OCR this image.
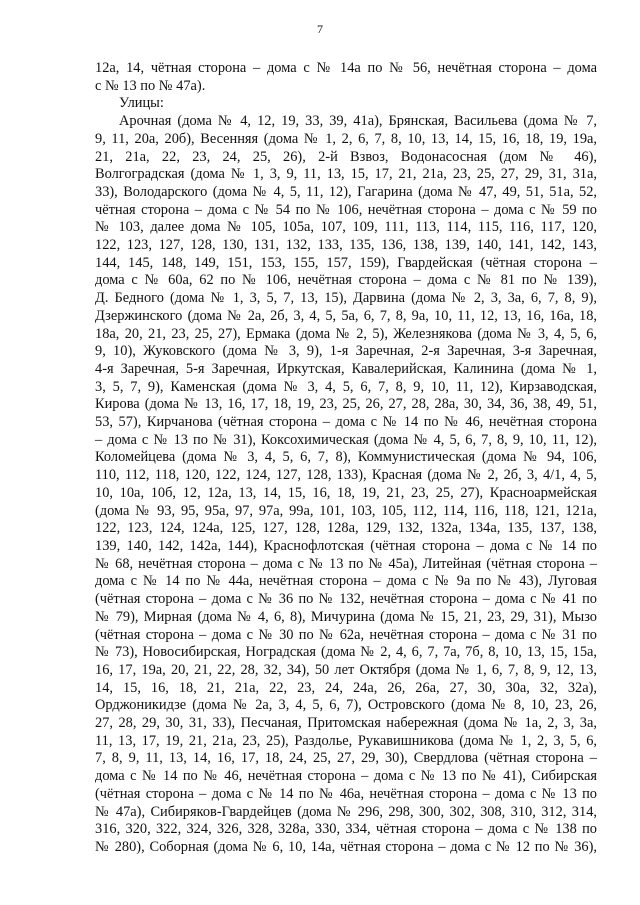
7
12а, 14, чётная сторона – дома с № 14а по № 56, нечётная сторона – дома
с № 13 по № 47а).
Улицы:
Арочная (дома № 4, 12, 19, 33, 39, 41а), Брянская, Васильева (дома № 7,
9, 11, 20а, 20б), Весенняя (дома № 1, 2, 6, 7, 8, 10, 13, 14, 15, 16, 18, 19, 19а,
21, 21а, 22, 23, 24, 25, 26), 2-й Взвоз, Водонасосная (дом № 46),
Волгоградская (дома № 1, 3, 9, 11, 13, 15, 17, 21, 21а, 23, 25, 27, 29, 31, 31а,
33), Володарского (дома № 4, 5, 11, 12), Гагарина (дома № 47, 49, 51, 51а, 52,
чётная сторона – дома с № 54 по № 106, нечётная сторона – дома с № 59 по
№ 103, далее дома № 105, 105а, 107, 109, 111, 113, 114, 115, 116, 117, 120,
122, 123, 127, 128, 130, 131, 132, 133, 135, 136, 138, 139, 140, 141, 142, 143,
144, 145, 148, 149, 151, 153, 155, 157, 159), Гвардейская (чётная сторона –
дома с № 60а, 62 по № 106, нечётная сторона – дома с № 81 по № 139),
Д. Бедного (дома № 1, 3, 5, 7, 13, 15), Дарвина (дома № 2, 3, 3а, 6, 7, 8, 9),
Дзержинского (дома № 2а, 2б, 3, 4, 5, 5а, 6, 7, 8, 9а, 10, 11, 12, 13, 16, 16а, 18,
18а, 20, 21, 23, 25, 27), Ермака (дома № 2, 5), Железнякова (дома № 3, 4, 5, 6,
9, 10), Жуковского (дома № 3, 9), 1-я Заречная, 2-я Заречная, 3-я Заречная,
4-я Заречная, 5-я Заречная, Иркутская, Кавалерийская, Калинина (дома № 1,
3, 5, 7, 9), Каменская (дома № 3, 4, 5, 6, 7, 8, 9, 10, 11, 12), Кирзаводская,
Кирова (дома № 13, 16, 17, 18, 19, 23, 25, 26, 27, 28, 28а, 30, 34, 36, 38, 49, 51,
53, 57), Кирчанова (чётная сторона – дома с № 14 по № 46, нечётная сторона
– дома с № 13 по № 31), Коксохимическая (дома № 4, 5, 6, 7, 8, 9, 10, 11, 12),
Коломейцева (дома № 3, 4, 5, 6, 7, 8), Коммунистическая (дома № 94, 106,
110, 112, 118, 120, 122, 124, 127, 128, 133), Красная (дома № 2, 2б, 3, 4/1, 4, 5,
10, 10а, 10б, 12, 12а, 13, 14, 15, 16, 18, 19, 21, 23, 25, 27), Красноармейская
(дома № 93, 95, 95а, 97, 97а, 99а, 101, 103, 105, 112, 114, 116, 118, 121, 121а,
122, 123, 124, 124а, 125, 127, 128, 128а, 129, 132, 132а, 134а, 135, 137, 138,
139, 140, 142, 142а, 144), Краснофлотская (чётная сторона – дома с № 14 по
№ 68, нечётная сторона – дома с № 13 по № 45а), Литейная (чётная сторона –
дома с № 14 по № 44а, нечётная сторона – дома с № 9а по № 43), Луговая
(чётная сторона – дома с № 36 по № 132, нечётная сторона – дома с № 41 по
№ 79), Мирная (дома № 4, 6, 8), Мичурина (дома № 15, 21, 23, 29, 31), Мызо
(чётная сторона – дома с № 30 по № 62а, нечётная сторона – дома с № 31 по
№ 73), Новосибирская, Ноградская (дома № 2, 4, 6, 7, 7а, 7б, 8, 10, 13, 15, 15а,
16, 17, 19а, 20, 21, 22, 28, 32, 34), 50 лет Октября (дома № 1, 6, 7, 8, 9, 12, 13,
14, 15, 16, 18, 21, 21а, 22, 23, 24, 24а, 26, 26а, 27, 30, 30а, 32, 32а),
Орджоникидзе (дома № 2а, 3, 4, 5, 6, 7), Островского (дома № 8, 10, 23, 26,
27, 28, 29, 30, 31, 33), Песчаная, Притомская набережная (дома № 1а, 2, 3, 3а,
11, 13, 17, 19, 21, 21а, 23, 25), Раздолье, Рукавишникова (дома № 1, 2, 3, 5, 6,
7, 8, 9, 11, 13, 14, 16, 17, 18, 24, 25, 27, 29, 30), Свердлова (чётная сторона –
дома с № 14 по № 46, нечётная сторона – дома с № 13 по № 41), Сибирская
(чётная сторона – дома с № 14 по № 46а, нечётная сторона – дома с № 13 по
№ 47а), Сибиряков-Гвардейцев (дома № 296, 298, 300, 302, 308, 310, 312, 314,
316, 320, 322, 324, 326, 328, 328а, 330, 334, чётная сторона – дома с № 138 по
№ 280), Соборная (дома № 6, 10, 14а, чётная сторона – дома с № 12 по № 36),
